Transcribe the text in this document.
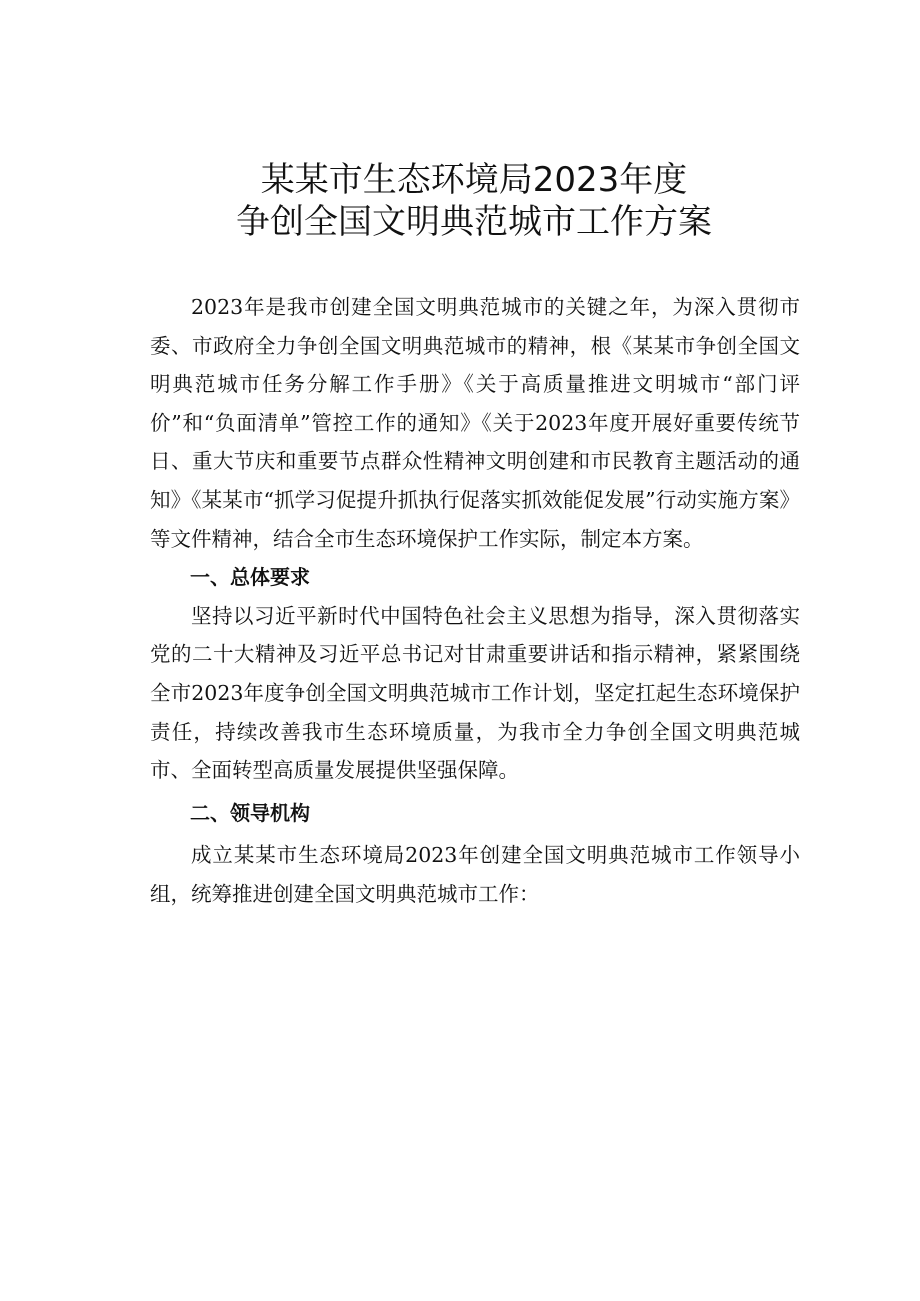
某某市生态环境局2023年度
争创全国文明典范城市工作方案

2023年是我市创建全国文明典范城市的关键之年，为深入贯彻市委、市政府全力争创全国文明典范城市的精神，根《某某市争创全国文明典范城市任务分解工作手册》《关于高质量推进文明城市“部门评价”和“负面清单”管控工作的通知》《关于2023年度开展好重要传统节日、重大节庆和重要节点群众性精神文明创建和市民教育主题活动的通知》《某某市“抓学习促提升抓执行促落实抓效能促发展”行动实施方案》等文件精神，结合全市生态环境保护工作实际，制定本方案。

一、总体要求

坚持以习近平新时代中国特色社会主义思想为指导，深入贯彻落实党的二十大精神及习近平总书记对甘肃重要讲话和指示精神，紧紧围绕全市2023年度争创全国文明典范城市工作计划，坚定扛起生态环境保护责任，持续改善我市生态环境质量，为我市全力争创全国文明典范城市、全面转型高质量发展提供坚强保障。

二、领导机构

成立某某市生态环境局2023年创建全国文明典范城市工作领导小组，统筹推进创建全国文明典范城市工作：
